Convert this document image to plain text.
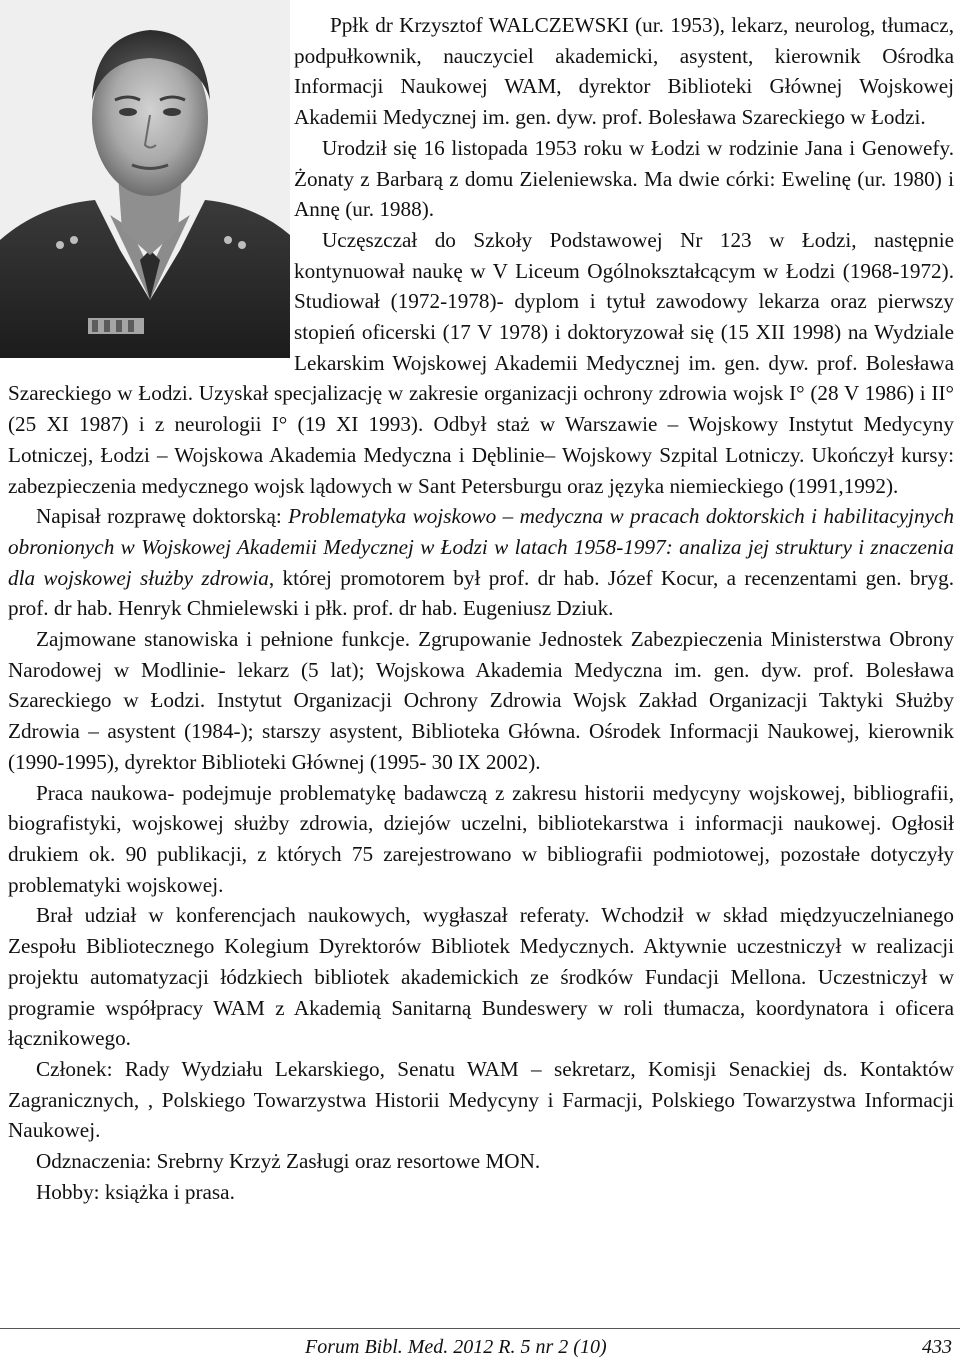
Ppłk dr Krzysztof WALCZEWSKI (ur. 1953), lekarz, neurolog, tłumacz, podpułkownik, nauczyciel akademicki, asystent, kierownik Ośrodka Informacji Naukowej WAM, dyrektor Biblioteki Głównej Wojskowej Akademii Medycznej im. gen. dyw. prof. Bolesława Szareckiego w Łodzi.

Urodził się 16 listopada 1953 roku w Łodzi w rodzinie Jana i Genowefy. Żonaty z Barbarą z domu Zieleniewska. Ma dwie córki: Ewelinę (ur. 1980) i Annę (ur. 1988).

Uczęszczał do Szkoły Podstawowej Nr 123 w Łodzi, następnie kontynuował naukę w V Liceum Ogólnokształcącym w Łodzi (1968-1972). Studiował (1972-1978)- dyplom i tytuł zawodowy lekarza oraz pierwszy stopień oficerski (17 V 1978) i doktoryzował się (15 XII 1998) na Wydziale Lekarskim Wojskowej Akademii Medycznej im. gen. dyw. prof. Bolesława Szareckiego w Łodzi. Uzyskał specjalizację w zakresie organizacji ochrony zdrowia wojsk I° (28 V 1986) i II° (25 XI 1987) i z neurologii I° (19 XI 1993). Odbył staż w Warszawie – Wojskowy Instytut Medycyny Lotniczej, Łodzi – Wojskowa Akademia Medyczna i Dęblinie– Wojskowy Szpital Lotniczy. Ukończył kursy: zabezpieczenia medycznego wojsk lądowych w Sant Petersburgu oraz języka niemieckiego (1991,1992).

Napisał rozprawę doktorską: Problematyka wojskowo – medyczna w pracach doktorskich i habilitacyjnych obronionych w Wojskowej Akademii Medycznej w Łodzi w latach 1958-1997: analiza jej struktury i znaczenia dla wojskowej służby zdrowia, której promotorem był prof. dr hab. Józef Kocur, a recenzentami gen. bryg. prof. dr hab. Henryk Chmielewski i płk. prof. dr hab. Eugeniusz Dziuk.

Zajmowane stanowiska i pełnione funkcje. Zgrupowanie Jednostek Zabezpieczenia Ministerstwa Obrony Narodowej w Modlinie- lekarz (5 lat); Wojskowa Akademia Medyczna im. gen. dyw. prof. Bolesława Szareckiego w Łodzi. Instytut Organizacji Ochrony Zdrowia Wojsk Zakład Organizacji Taktyki Służby Zdrowia – asystent (1984-); starszy asystent, Biblioteka Główna. Ośrodek Informacji Naukowej, kierownik (1990-1995), dyrektor Biblioteki Głównej (1995- 30 IX 2002).

Praca naukowa- podejmuje problematykę badawczą z zakresu historii medycyny wojskowej, bibliografii, biografistyki, wojskowej służby zdrowia, dziejów uczelni, bibliotekarstwa i informacji naukowej. Ogłosił drukiem ok. 90 publikacji, z których 75 zarejestrowano w bibliografii podmiotowej, pozostałe dotyczyły problematyki wojskowej.

Brał udział w konferencjach naukowych, wygłaszał referaty. Wchodził w skład międzyuczelnianego Zespołu Bibliotecznego Kolegium Dyrektorów Bibliotek Medycznych. Aktywnie uczestniczył w realizacji projektu automatyzacji łódzkiech bibliotek akademickich ze środków Fundacji Mellona. Uczestniczył w programie współpracy WAM z Akademią Sanitarną Bundeswery w roli tłumacza, koordynatora i oficera łącznikowego.

Członek: Rady Wydziału Lekarskiego, Senatu WAM – sekretarz, Komisji Senackiej ds. Kontaktów Zagranicznych, , Polskiego Towarzystwa Historii Medycyny i Farmacji, Polskiego Towarzystwa Informacji Naukowej.

Odznaczenia: Srebrny Krzyż Zasługi oraz resortowe MON.

Hobby: książka i prasa.

Forum Bibl. Med. 2012 R. 5 nr 2 (10)	433
